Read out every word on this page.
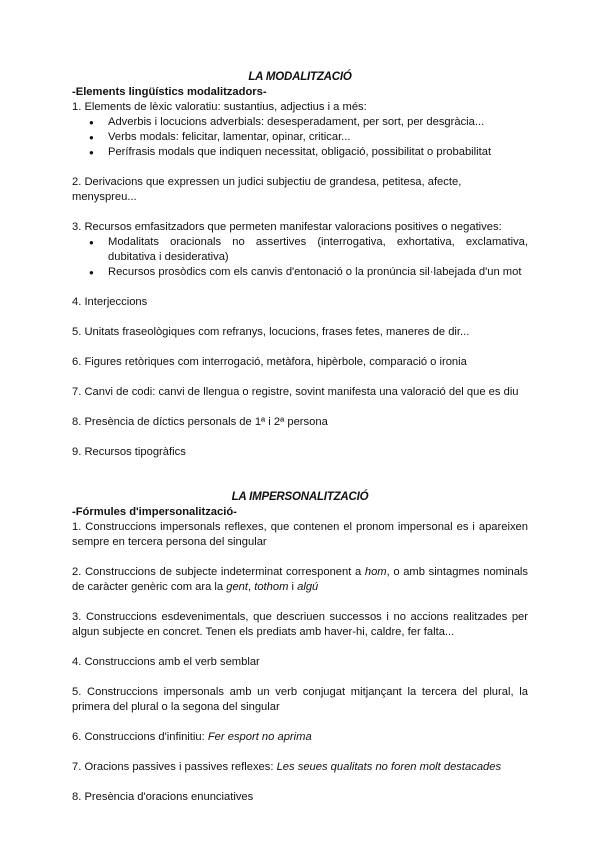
LA MODALITZACIÓ

-Elements lingüístics modalitzadors-

1. Elements de lèxic valoratiu: sustantius, adjectius i a més:

● Adverbis i locucions adverbials: desesperadament, per sort, per desgràcia...
● Verbs modals: felicitar, lamentar, opinar, criticar...
● Perífrasis modals que indiquen necessitat, obligació, possibilitat o probabilitat

2. Derivacions que expressen un judici subjectiu de grandesa, petitesa, afecte, menyspreu...

3. Recursos emfasitzadors que permeten manifestar valoracions positives o negatives:

● Modalitats oracionals no assertives (interrogativa, exhortativa, exclamativa, dubitativa i desiderativa)
● Recursos prosòdics com els canvis d'entonació o la pronúncia sil·labejada d'un mot

4. Interjeccions

5. Unitats fraseològiques com refranys, locucions, frases fetes, maneres de dir...

6. Figures retòriques com interrogació, metàfora, hipèrbole, comparació o ironia

7. Canvi de codi: canvi de llengua o registre, sovint manifesta una valoració del que es diu

8. Presència de díctics personals de 1ª i 2ª persona

9. Recursos tipogràfics

LA IMPERSONALITZACIÓ

-Fórmules d'impersonalització-

1. Construccions impersonals reflexes, que contenen el pronom impersonal es i apareixen sempre en tercera persona del singular

2. Construccions de subjecte indeterminat corresponent a hom, o amb sintagmes nominals de caràcter genèric com ara la gent, tothom i algú

3. Construccions esdevenimentals, que descriuen successos i no accions realitzades per algun subjecte en concret. Tenen els prediats amb haver-hi, caldre, fer falta...

4. Construccions amb el verb semblar

5. Construccions impersonals amb un verb conjugat mitjançant la tercera del plural, la primera del plural o la segona del singular

6. Construccions d'infinitiu: Fer esport no aprima

7. Oracions passives i passives reflexes: Les seues qualitats no foren molt destacades

8. Presència d'oracions enunciatives
